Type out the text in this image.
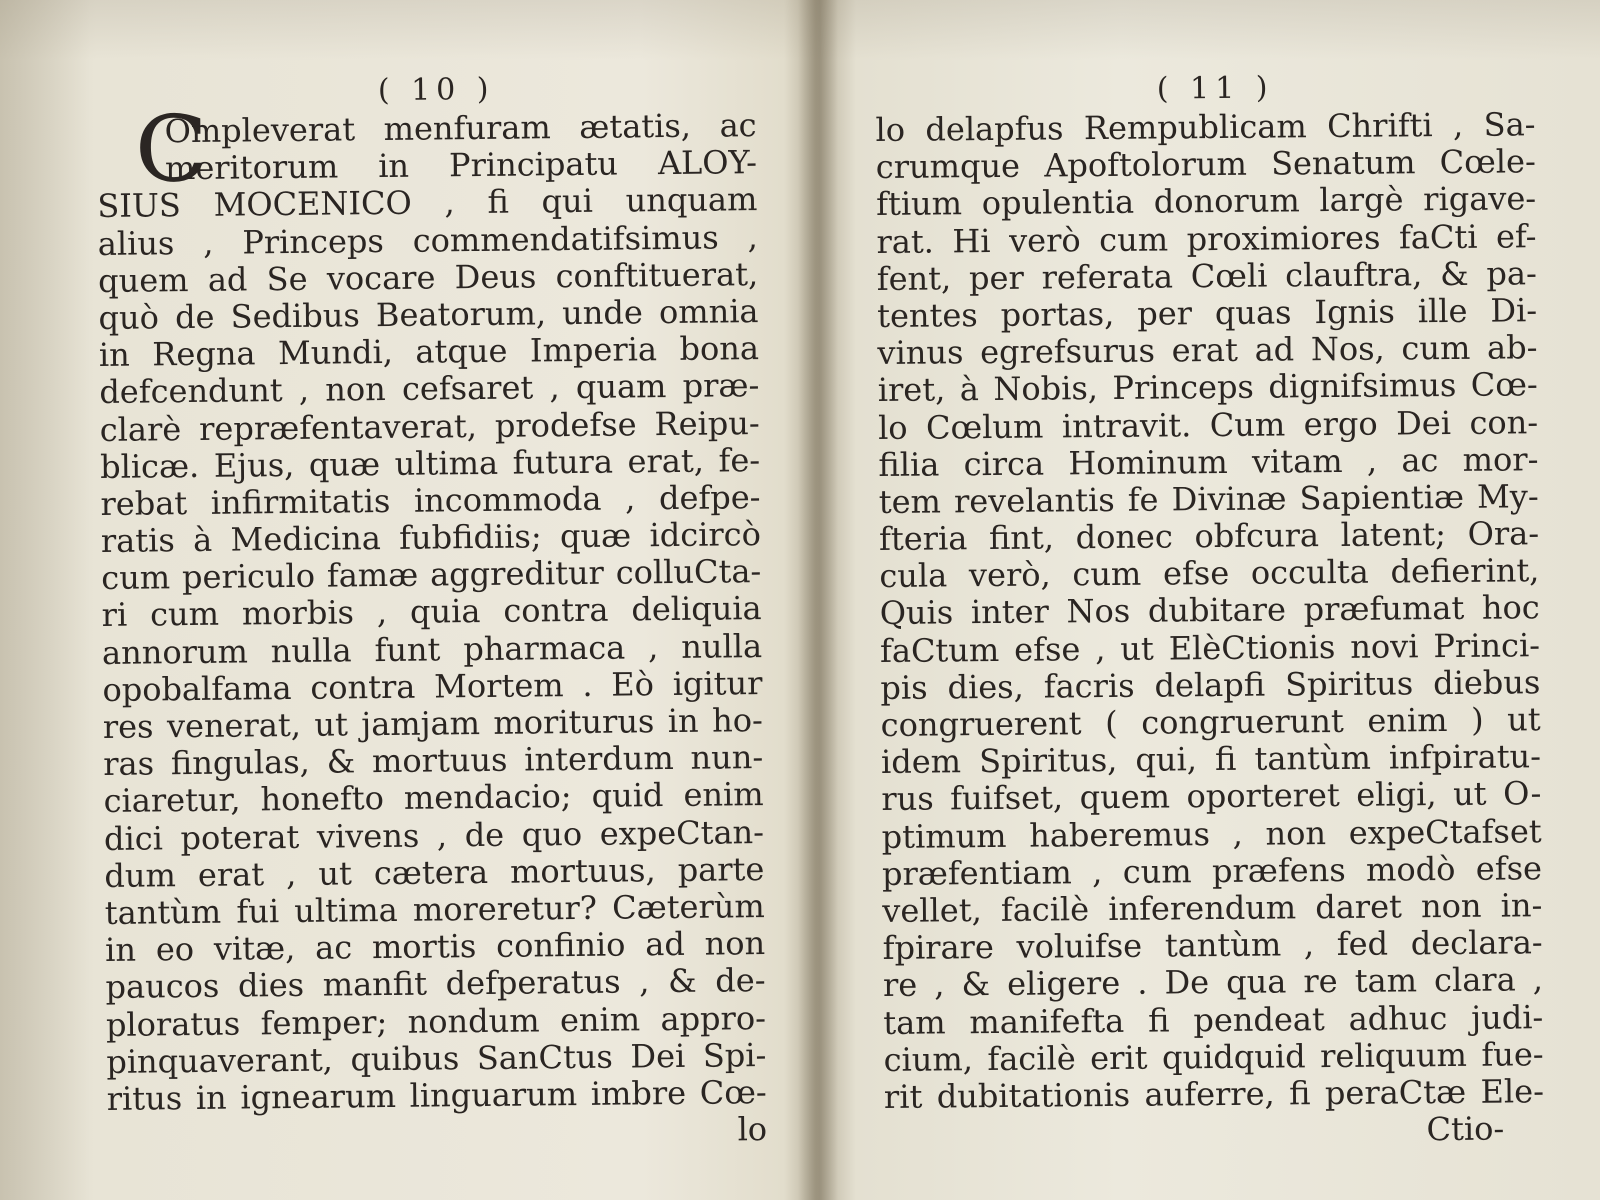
( 10 )
C
Ompleverat menfuram ætatis, ac
meritorum in Principatu ALOY-
SIUS MOCENICO , fi qui unquam
alius , Princeps commendatifsimus ,
quem ad Se vocare Deus conftituerat,
quò de Sedibus Beatorum, unde omnia
in Regna Mundi, atque Imperia bona
defcendunt , non cefsaret , quam præ-
clarè repræfentaverat, prodefse Reipu-
blicæ. Ejus, quæ ultima futura erat, fe-
rebat infirmitatis incommoda , defpe-
ratis à Medicina fubfidiis; quæ idcircò
cum periculo famæ aggreditur colluCta-
ri cum morbis , quia contra deliquia
annorum nulla funt pharmaca , nulla
opobalfama contra Mortem . Eò igitur
res venerat, ut jamjam moriturus in ho-
ras fingulas, & mortuus interdum nun-
ciaretur, honefto mendacio; quid enim
dici poterat vivens , de quo expeCtan-
dum erat , ut cætera mortuus, parte
tantùm fui ultima moreretur? Cæterùm
in eo vitæ, ac mortis confinio ad non
paucos dies manfit defperatus , & de-
ploratus femper; nondum enim appro-
pinquaverant, quibus SanCtus Dei Spi-
ritus in ignearum linguarum imbre Cœ-
lo
( 11 )
lo delapfus Rempublicam Chrifti , Sa-
crumque Apoftolorum Senatum Cœle-
ftium opulentia donorum largè rigave-
rat. Hi verò cum proximiores faCti ef-
fent, per referata Cœli clauftra, & pa-
tentes portas, per quas Ignis ille Di-
vinus egrefsurus erat ad Nos, cum ab-
iret, à Nobis, Princeps dignifsimus Cœ-
lo Cœlum intravit. Cum ergo Dei con-
filia circa Hominum vitam , ac mor-
tem revelantis fe Divinæ Sapientiæ My-
fteria fint, donec obfcura latent; Ora-
cula verò, cum efse occulta defierint,
Quis inter Nos dubitare præfumat hoc
faCtum efse , ut ElèCtionis novi Princi-
pis dies, facris delapfi Spiritus diebus
congruerent ( congruerunt enim ) ut
idem Spiritus, qui, fi tantùm infpiratu-
rus fuifset, quem oporteret eligi, ut O-
ptimum haberemus , non expeCtafset
præfentiam , cum præfens modò efse
vellet, facilè inferendum daret non in-
fpirare voluifse tantùm , fed declara-
re , & eligere . De qua re tam clara ,
tam manifefta fi pendeat adhuc judi-
cium, facilè erit quidquid reliquum fue-
rit dubitationis auferre, fi peraCtæ Ele-
Ctio-
